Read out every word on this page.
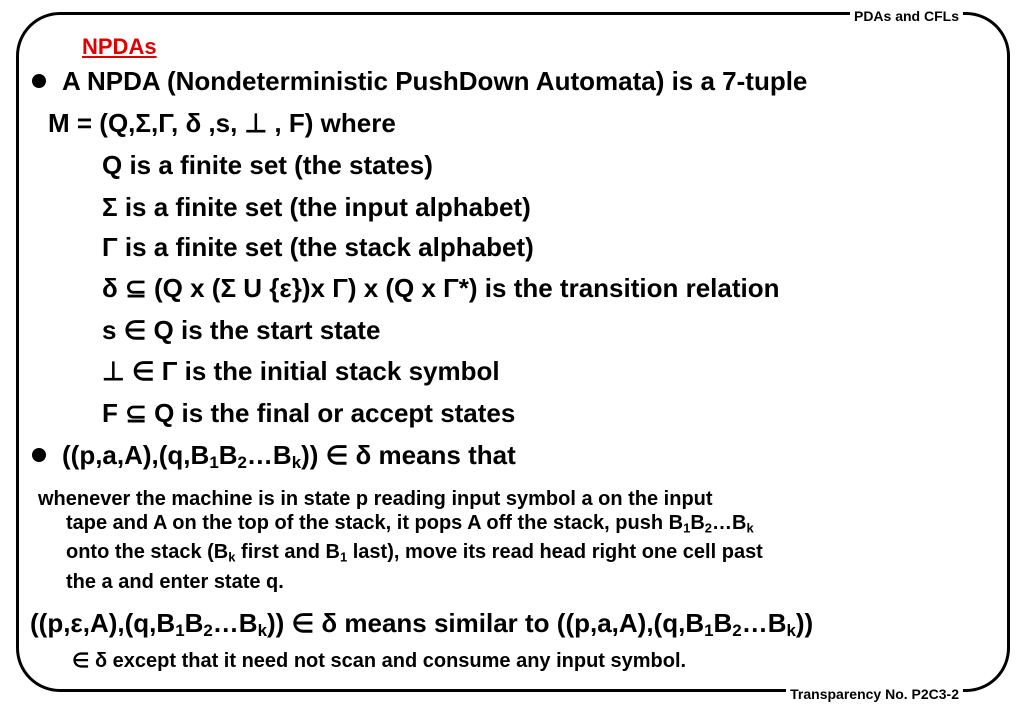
PDAs and CFLs
Transparency No. P2C3-2
NPDAs
A NPDA (Nondeterministic PushDown Automata) is a 7-tuple
M = (Q,Σ,Γ, δ ,s, ⊥ , F) where
Q is a finite set (the states)
Σ is a finite set (the input alphabet)
Γ is a finite set (the stack alphabet)
δ ⊆ (Q x (Σ U {ε})x Γ) x (Q x Γ*) is the transition relation
s ∈ Q is the start state
⊥ ∈ Γ is the initial stack symbol
F ⊆ Q is the final or accept states
$((p,a,A),(q,B_1B_2\dots B_k))$ ∈ δ means that
whenever the machine is in state p reading input symbol a on the input
tape and A on the top of the stack, it pops A off the stack, push $B_1B_2\dots B_k$
onto the stack ($B_k$ first and $B_1$ last), move its read head right one cell past
the a and enter state q.
$((p,\varepsilon,A),(q,B_1B_2\dots B_k))$ ∈ δ means similar to $((p,a,A),(q,B_1B_2\dots B_k))$
∈ δ except that it need not scan and consume any input symbol.
